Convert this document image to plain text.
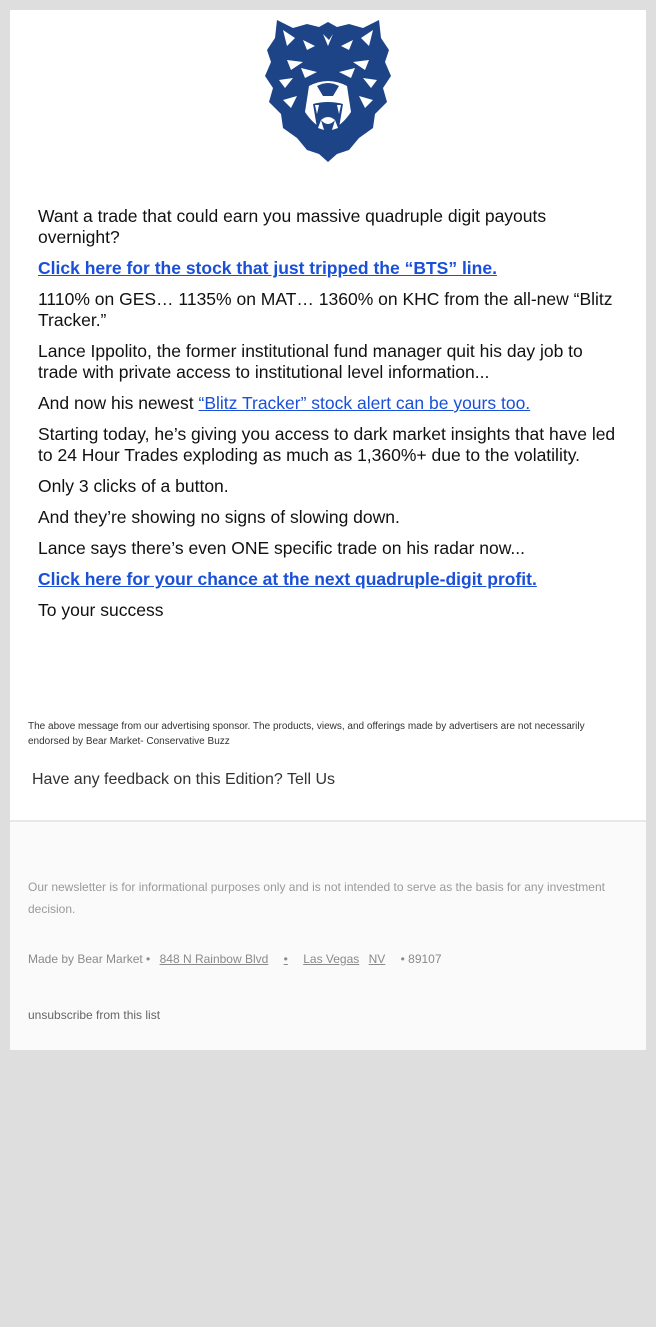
Want a trade that could earn you massive quadruple digit payouts overnight?

Click here for the stock that just tripped the “BTS” line.

1110% on GES… 1135% on MAT… 1360% on KHC from the all-new “Blitz Tracker.”

Lance Ippolito, the former institutional fund manager quit his day job to trade with private access to institutional level information...

And now his newest “Blitz Tracker” stock alert can be yours too.

Starting today, he’s giving you access to dark market insights that have led to 24 Hour Trades exploding as much as 1,360%+ due to the volatility.

Only 3 clicks of a button.

And they’re showing no signs of slowing down.

Lance says there’s even ONE specific trade on his radar now...

Click here for your chance at the next quadruple-digit profit.

To your success

The above message from our advertising sponsor. The products, views, and offerings made by advertisers are not necessarily endorsed by Bear Market- Conservative Buzz
Have any feedback on this Edition? Tell Us
Our newsletter is for informational purposes only and is not intended to serve as the basis for any investment decision.
Made by Bear Market • 848 N Rainbow Blvd • Las Vegas NV • 89107
unsubscribe from this list
